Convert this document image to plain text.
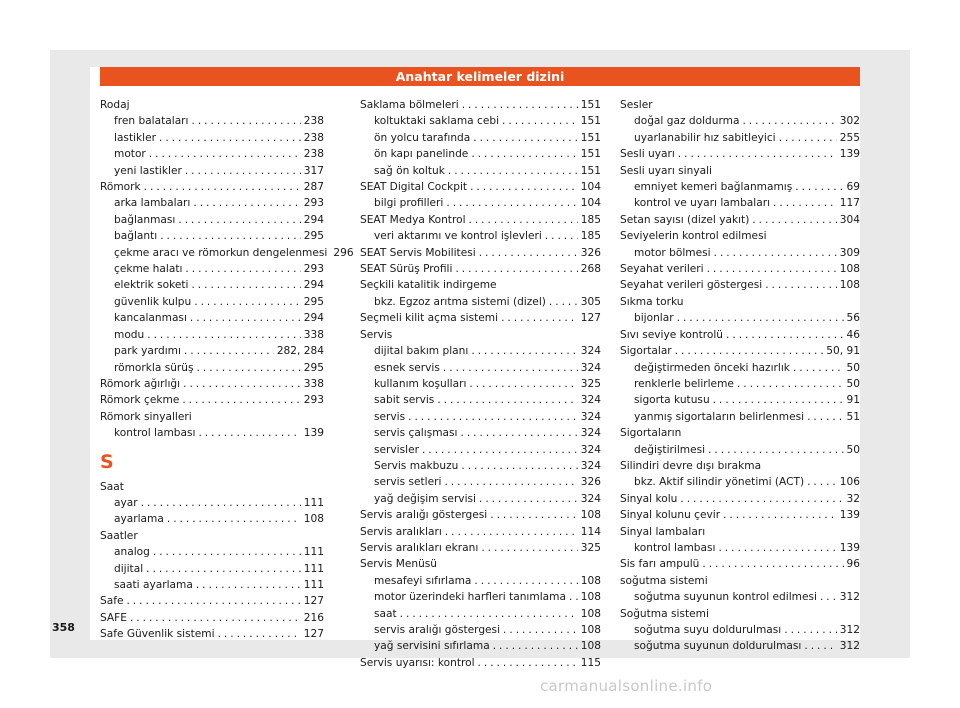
Anahtar kelimeler dizini
Rodaj
fren balataları . . .	238
lastikler . . .	238
motor . . .	238
yeni lastikler . . .	317
Römork . . .	287
arka lambaları . . .	293
bağlanması . . .	294
bağlantı . . .	295
çekme aracı ve römorkun dengelenmesi 296
çekme halatı . . .	293
elektrik soketi . . .	294
güvenlik kulpu . . .	295
kancalanması . . .	294
modu . . .	338
park yardımı . . .	282, 284
römorkla sürüş . . .	295
Römork ağırlığı . . .	338
Römork çekme . . .	293
Römork sinyalleri
kontrol lambası . . .	139
S
Saat
ayar . . .	111
ayarlama . . .	108
Saatler
analog . . .	111
dijital . . .	111
saati ayarlama . . .	111
Safe . . .	127
SAFE . . .	216
Safe Güvenlik sistemi . . .	127
Saklama bölmeleri . . .	151
koltuktaki saklama cebi . . .	151
ön yolcu tarafında . . .	151
ön kapı panelinde . . .	151
sağ ön koltuk . . .	151
SEAT Digital Cockpit . . .	104
bilgi profilleri . . .	104
SEAT Medya Kontrol . . .	185
veri aktarımı ve kontrol işlevleri . . .	185
SEAT Servis Mobilitesi . . .	326
SEAT Sürüş Profili . . .	268
Seçkili katalitik indirgeme
bkz. Egzoz arıtma sistemi (dizel) . . .	305
Seçmeli kilit açma sistemi . . .	127
Servis
dijital bakım planı . . .	324
esnek servis . . .	324
kullanım koşulları . . .	325
sabit servis . . .	324
servis . . .	324
servis çalışması . . .	324
servisler . . .	324
Servis makbuzu . . .	324
servis setleri . . .	326
yağ değişim servisi . . .	324
Servis aralığı göstergesi . . .	108
Servis aralıkları . . .	114
Servis aralıkları ekranı . . .	325
Servis Menüsü
mesafeyi sıfırlama . . .	108
motor üzerindeki harfleri tanımlama . . . 108
saat . . .	108
servis aralığı göstergesi . . .	108
yağ servisini sıfırlama . . .	108
Servis uyarısı: kontrol . . .	115
Sesler
doğal gaz doldurma . . .	302
uyarlanabilir hız sabitleyici . . .	255
Sesli uyarı . . .	139
Sesli uyarı sinyali
emniyet kemeri bağlanmamış . . .	69
kontrol ve uyarı lambaları . . .	117
Setan sayısı (dizel yakıt) . . .	304
Seviyelerin kontrol edilmesi
motor bölmesi . . .	309
Seyahat verileri . . .	108
Seyahat verileri göstergesi . . .	108
Sıkma torku
bijonlar . . .	56
Sıvı seviye kontrolü . . .	46
Sigortalar . . .	50, 91
değiştirmeden önceki hazırlık . . .	50
renklerle belirleme . . .	50
sigorta kutusu . . .	91
yanmış sigortaların belirlenmesi . . .	51
Sigortaların
değiştirilmesi . . .	50
Silindiri devre dışı bırakma
bkz. Aktif silindir yönetimi (ACT) . . .	106
Sinyal kolu . . .	32
Sinyal kolunu çevir . . .	139
Sinyal lambaları
kontrol lambası . . .	139
Sis farı ampulü . . .	96
soğutma sistemi
soğutma suyunun kontrol edilmesi . . . 312
Soğutma sistemi
soğutma suyu doldurulması . . .	312
soğutma suyunun doldurulması . . .	312
358
carmanualsonline.info
